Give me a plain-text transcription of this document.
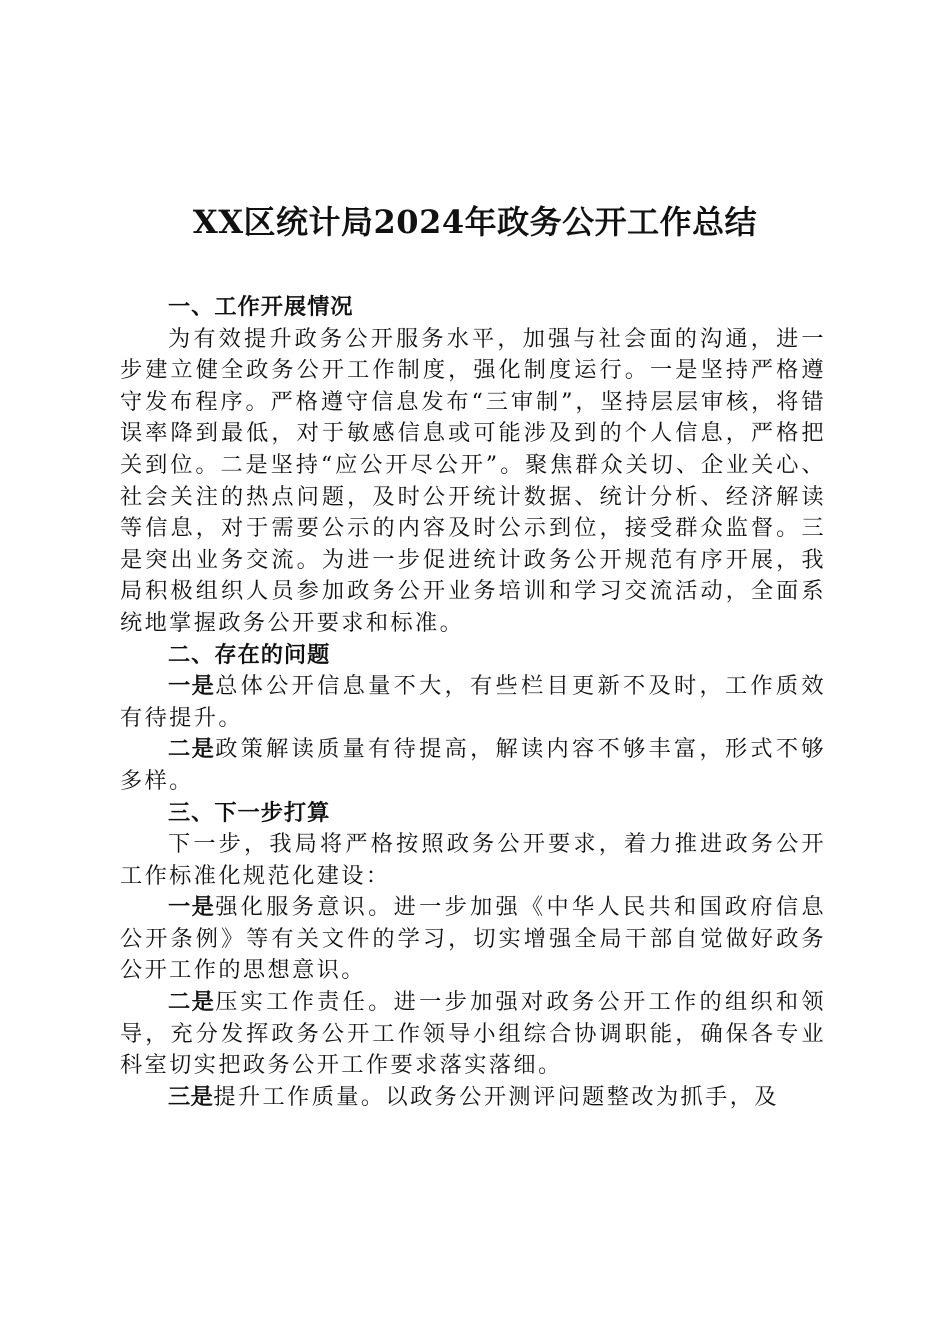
XX区统计局2024年政务公开工作总结

一、工作开展情况

为有效提升政务公开服务水平，加强与社会面的沟通，进一步建立健全政务公开工作制度，强化制度运行。一是坚持严格遵守发布程序。严格遵守信息发布“三审制”，坚持层层审核，将错误率降到最低，对于敏感信息或可能涉及到的个人信息，严格把关到位。二是坚持“应公开尽公开”。聚焦群众关切、企业关心、社会关注的热点问题，及时公开统计数据、统计分析、经济解读等信息，对于需要公示的内容及时公示到位，接受群众监督。三是突出业务交流。为进一步促进统计政务公开规范有序开展，我局积极组织人员参加政务公开业务培训和学习交流活动，全面系统地掌握政务公开要求和标准。

二、存在的问题

一是总体公开信息量不大，有些栏目更新不及时，工作质效有待提升。

二是政策解读质量有待提高，解读内容不够丰富，形式不够多样。

三、下一步打算

下一步，我局将严格按照政务公开要求，着力推进政务公开工作标准化规范化建设：

一是强化服务意识。进一步加强《中华人民共和国政府信息公开条例》等有关文件的学习，切实增强全局干部自觉做好政务公开工作的思想意识。

二是压实工作责任。进一步加强对政务公开工作的组织和领导，充分发挥政务公开工作领导小组综合协调职能，确保各专业科室切实把政务公开工作要求落实落细。

三是提升工作质量。以政务公开测评问题整改为抓手，及
